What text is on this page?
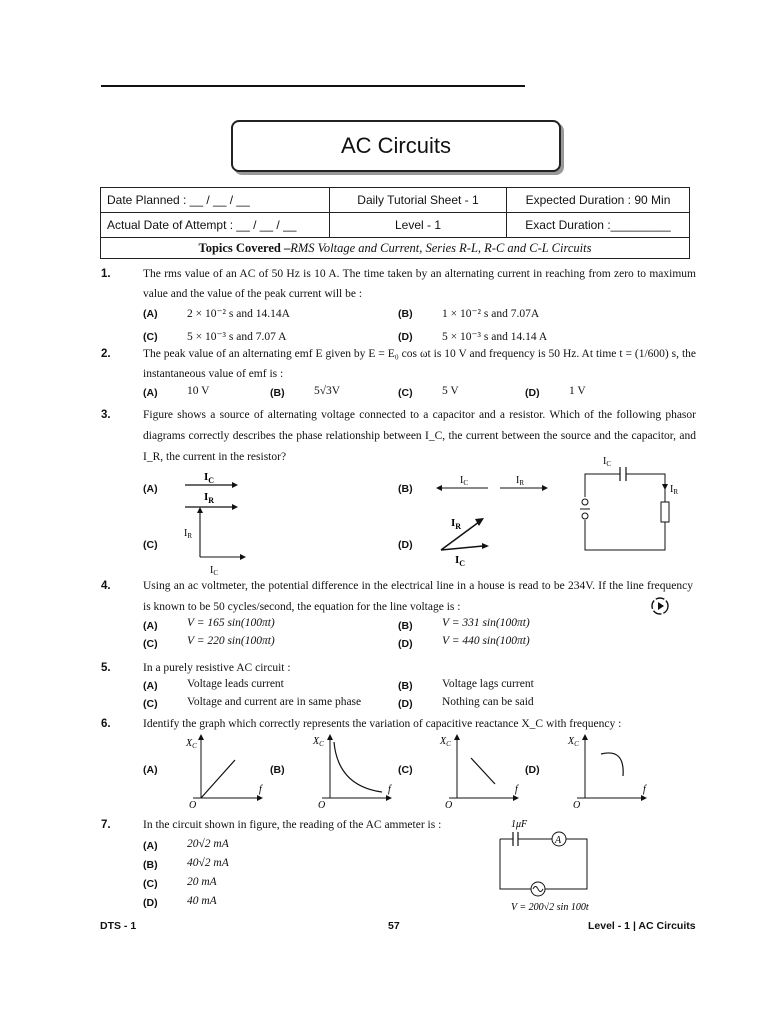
AC Circuits
Date Planned : __ / __ / __	Daily Tutorial Sheet - 1	Expected Duration : 90 Min
Actual Date of Attempt : __ / __ / __	Level - 1	Exact Duration :_________
Topics Covered –RMS Voltage and Current, Series R-L, R-C and C-L Circuits		
1.	The rms value of an AC of 50 Hz is 10 A. The time taken by an alternating current in reaching from zero to maximum value and the value of the peak current will be :
(A)	2 × 10⁻² s and 14.14A	(B)	1 × 10⁻² s and 7.07A
(C)	5 × 10⁻³ s and 7.07 A	(D)	5 × 10⁻³ s and 14.14 A
2.	The peak value of an alternating emf E given by E = E₀ cos ωt is 10 V and frequency is 50 Hz. At time t = (1/600) s, the instantaneous value of emf is :
(A)	10 V	(B)	5√3V	(C)	5 V	(D)	1 V
3.	Figure shows a source of alternating voltage connected to a capacitor and a resistor. Which of the following phasor diagrams correctly describes the phase relationship between I_C, the current between the source and the capacitor, and I_R, the current in the resistor?
(A)	(B)
(C)	(D)
$I_C$
$I_R$
$I_C$	$I_R$
$I_C$
$I_R$
$I_R$
$I_C$
$I_R$
$I_C$
4.	Using an ac voltmeter, the potential difference in the electrical line in a house is read to be 234V. If the line frequency is known to be 50 cycles/second, the equation for the line voltage is :
(A)	V = 165 sin(100πt)	(B)	V = 331 sin(100πt)
(C)	V = 220 sin(100πt)	(D)	V = 440 sin(100πt)
5.	In a purely resistive AC circuit :
(A)	Voltage leads current	(B)	Voltage lags current
(C)	Voltage and current are in same phase	(D)	Nothing can be said
6.	Identify the graph which correctly represents the variation of capacitive reactance X_C with frequency :
(A)	(B)	(C)	(D)
$X_C$
f
O
$X_C$
f
O
$X_C$
f
O
$X_C$
f
O
7.	In the circuit shown in figure, the reading of the AC ammeter is :
(A)	20√2 mA
(B)	40√2 mA
(C)	20 mA
(D)	40 mA
1μF
A
V = 200√2 sin 100t
DTS - 1	57	Level - 1 | AC Circuits
